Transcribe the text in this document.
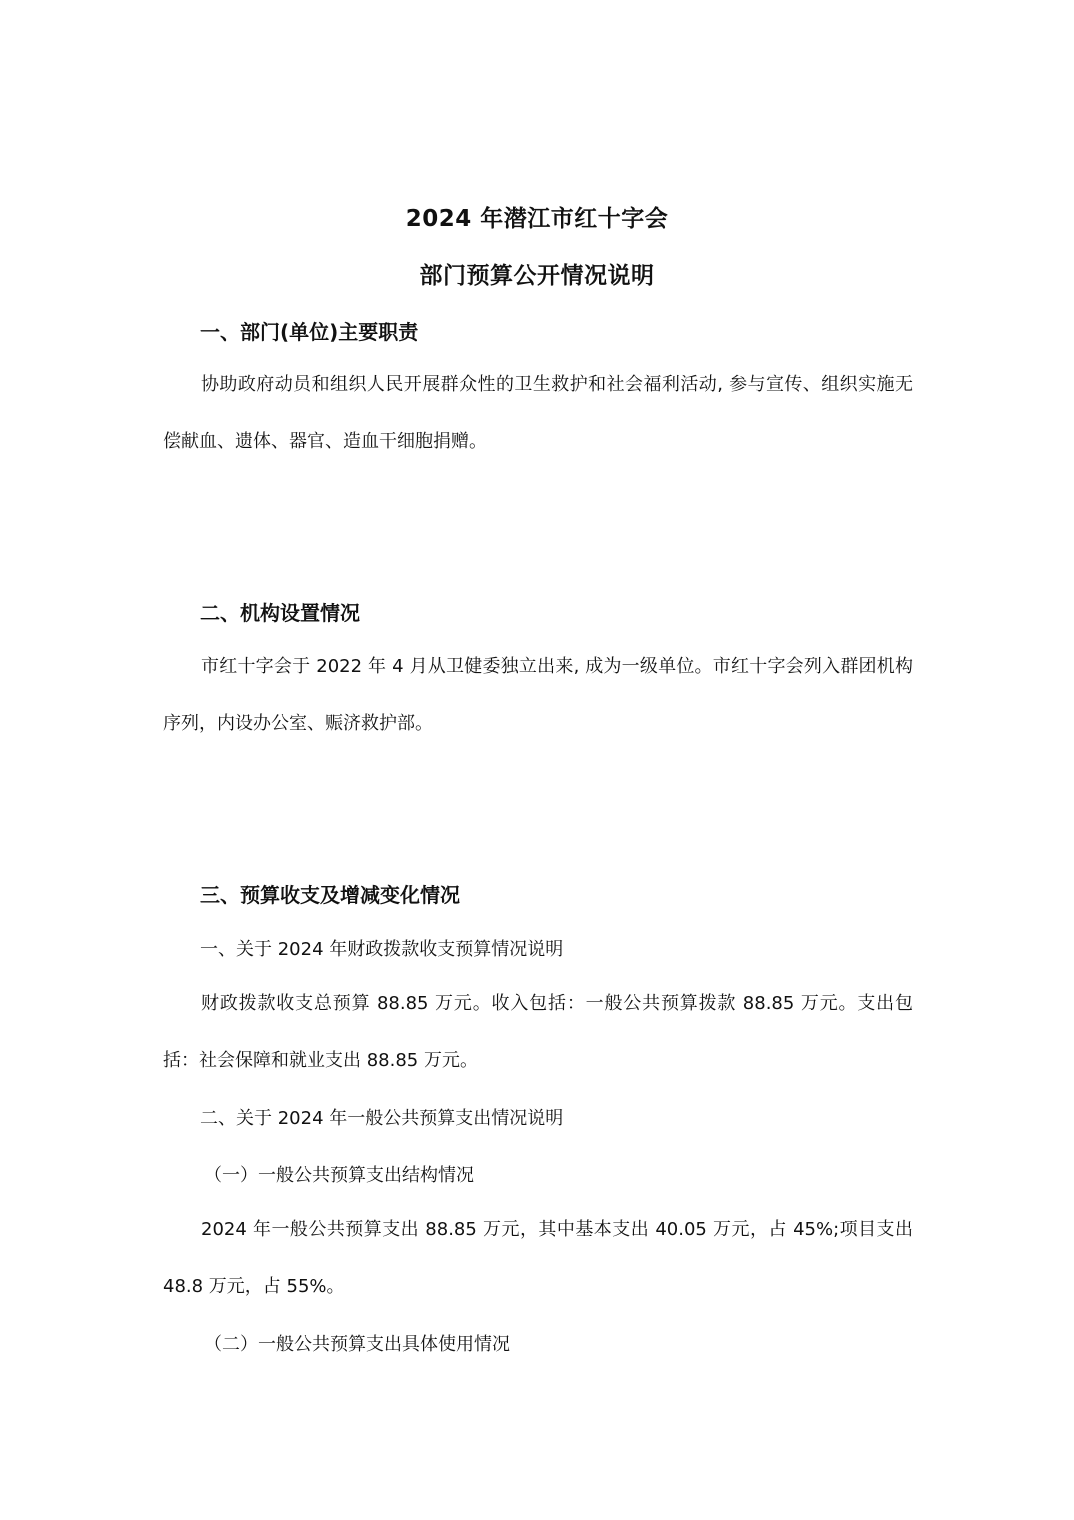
2024 年潜江市红十字会
部门预算公开情况说明
一、部门(单位)主要职责
协助政府动员和组织人民开展群众性的卫生救护和社会福利活动, 参与宣传、组织实施无偿献血、遗体、器官、造血干细胞捐赠。
二、机构设置情况
市红十字会于 2022 年 4 月从卫健委独立出来, 成为一级单位。市红十字会列入群团机构序列，内设办公室、赈济救护部。
三、预算收支及增减变化情况
一、关于 2024 年财政拨款收支预算情况说明
财政拨款收支总预算 88.85 万元。收入包括：一般公共预算拨款 88.85 万元。支出包括：社会保障和就业支出 88.85 万元。
二、关于 2024 年一般公共预算支出情况说明
（一）一般公共预算支出结构情况
2024 年一般公共预算支出 88.85 万元，其中基本支出 40.05 万元，占 45%;项目支出 48.8 万元，占 55%。
（二）一般公共预算支出具体使用情况
